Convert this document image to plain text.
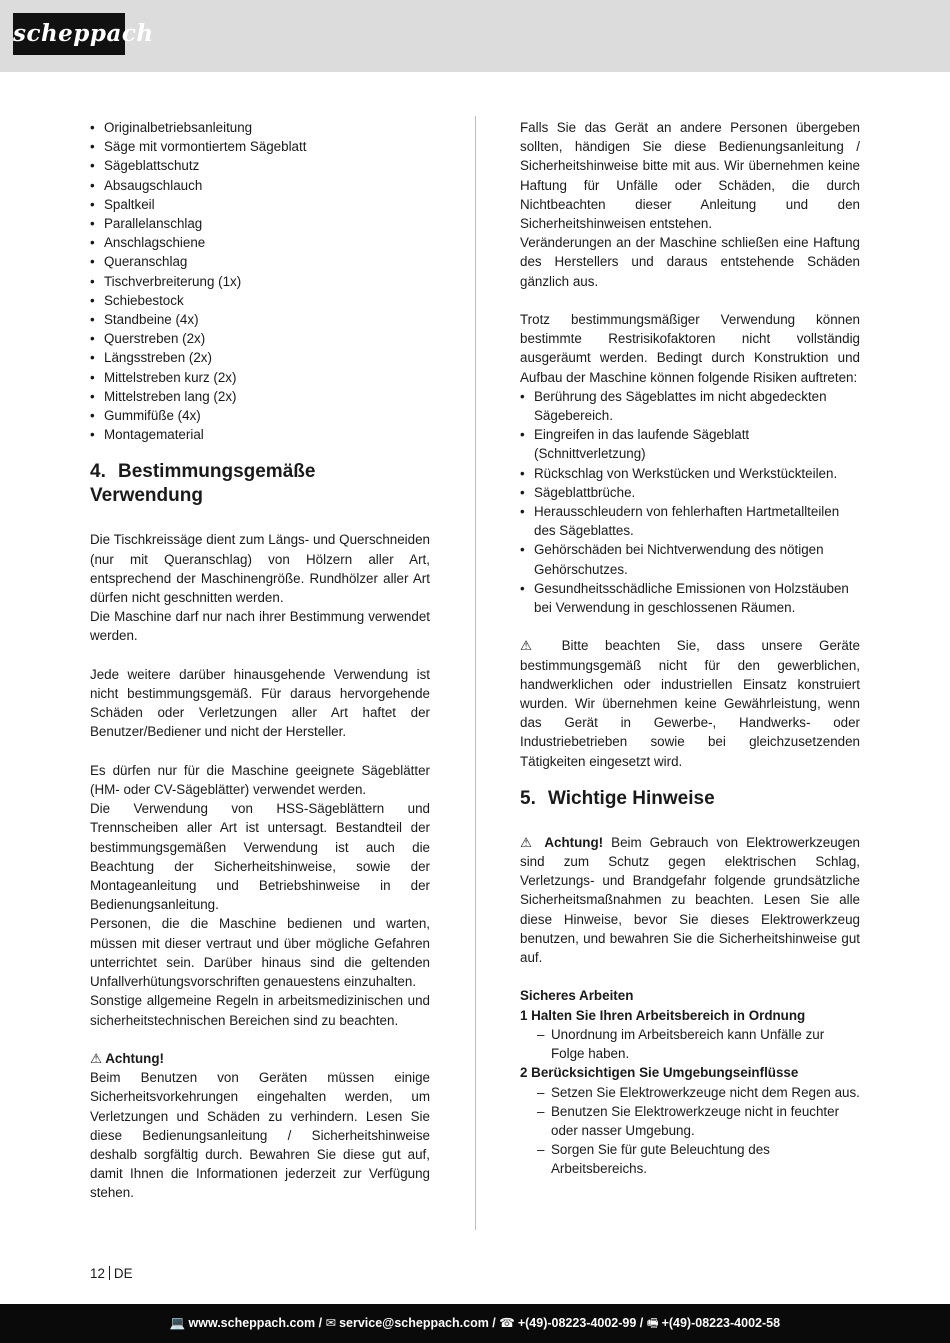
scheppach
• Originalbetriebsanleitung
• Säge mit vormontiertem Sägeblatt
• Sägeblattschutz
• Absaugschlauch
• Spaltkeil
• Parallelanschlag
• Anschlagschiene
• Queranschlag
• Tischverbreiterung (1x)
• Schiebestock
• Standbeine (4x)
• Querstreben (2x)
• Längsstreben (2x)
• Mittelstreben kurz (2x)
• Mittelstreben lang (2x)
• Gummifüße (4x)
• Montagematerial
4. Bestimmungsgemäße Verwendung

Die Tischkreissäge dient zum Längs- und Querschneiden (nur mit Queranschlag) von Hölzern aller Art, entsprechend der Maschinengröße. Rundhölzer aller Art dürfen nicht geschnitten werden.

Die Maschine darf nur nach ihrer Bestimmung verwendet werden.

Jede weitere darüber hinausgehende Verwendung ist nicht bestimmungsgemäß. Für daraus hervorgehende Schäden oder Verletzungen aller Art haftet der Benutzer/Bediener und nicht der Hersteller.

Es dürfen nur für die Maschine geeignete Sägeblätter (HM- oder CV-Sägeblätter) verwendet werden.

Die Verwendung von HSS-Sägeblättern und Trennscheiben aller Art ist untersagt. Bestandteil der bestimmungsgemäßen Verwendung ist auch die Beachtung der Sicherheitshinweise, sowie der Montageanleitung und Betriebshinweise in der Bedienungsanleitung.

Personen, die die Maschine bedienen und warten, müssen mit dieser vertraut und über mögliche Gefahren unterrichtet sein. Darüber hinaus sind die geltenden Unfallverhütungsvorschriften genauestens einzuhalten.

Sonstige allgemeine Regeln in arbeitsmedizinischen und sicherheitstechnischen Bereichen sind zu beachten.

⚠ Achtung!

Beim Benutzen von Geräten müssen einige Sicherheitsvorkehrungen eingehalten werden, um Verletzungen und Schäden zu verhindern. Lesen Sie diese Bedienungsanleitung / Sicherheitshinweise deshalb sorgfältig durch. Bewahren Sie diese gut auf, damit Ihnen die Informationen jederzeit zur Verfügung stehen.

Falls Sie das Gerät an andere Personen übergeben sollten, händigen Sie diese Bedienungsanleitung / Sicherheitshinweise bitte mit aus. Wir übernehmen keine Haftung für Unfälle oder Schäden, die durch Nichtbeachten dieser Anleitung und den Sicherheitshinweisen entstehen.

Veränderungen an der Maschine schließen eine Haftung des Herstellers und daraus entstehende Schäden gänzlich aus.

Trotz bestimmungsmäßiger Verwendung können bestimmte Restrisikofaktoren nicht vollständig ausgeräumt werden. Bedingt durch Konstruktion und Aufbau der Maschine können folgende Risiken auftreten:

• Berührung des Sägeblattes im nicht abgedeckten Sägebereich.
• Eingreifen in das laufende Sägeblatt (Schnittverletzung)
• Rückschlag von Werkstücken und Werkstückteilen.
• Sägeblattbrüche.
• Herausschleudern von fehlerhaften Hartmetallteilen des Sägeblattes.
• Gehörschäden bei Nichtverwendung des nötigen Gehörschutzes.
• Gesundheitsschädliche Emissionen von Holzstäuben bei Verwendung in geschlossenen Räumen.

⚠ Bitte beachten Sie, dass unsere Geräte bestimmungsgemäß nicht für den gewerblichen, handwerklichen oder industriellen Einsatz konstruiert wurden. Wir übernehmen keine Gewährleistung, wenn das Gerät in Gewerbe-, Handwerks- oder Industriebetrieben sowie bei gleichzusetzenden Tätigkeiten eingesetzt wird.

5. Wichtige Hinweise

⚠ Achtung! Beim Gebrauch von Elektrowerkzeugen sind zum Schutz gegen elektrischen Schlag, Verletzungs- und Brandgefahr folgende grundsätzliche Sicherheitsmaßnahmen zu beachten. Lesen Sie alle diese Hinweise, bevor Sie dieses Elektrowerkzeug benutzen, und bewahren Sie die Sicherheitshinweise gut auf.

Sicheres Arbeiten
1 Halten Sie Ihren Arbeitsbereich in Ordnung
– Unordnung im Arbeitsbereich kann Unfälle zur Folge haben.
2 Berücksichtigen Sie Umgebungseinflüsse
– Setzen Sie Elektrowerkzeuge nicht dem Regen aus.
– Benutzen Sie Elektrowerkzeuge nicht in feuchter oder nasser Umgebung.
– Sorgen Sie für gute Beleuchtung des Arbeitsbereichs.
12 DE
💻 www.scheppach.com / ✉ service@scheppach.com / ☎ +(49)-08223-4002-99 / 🖷 +(49)-08223-4002-58
